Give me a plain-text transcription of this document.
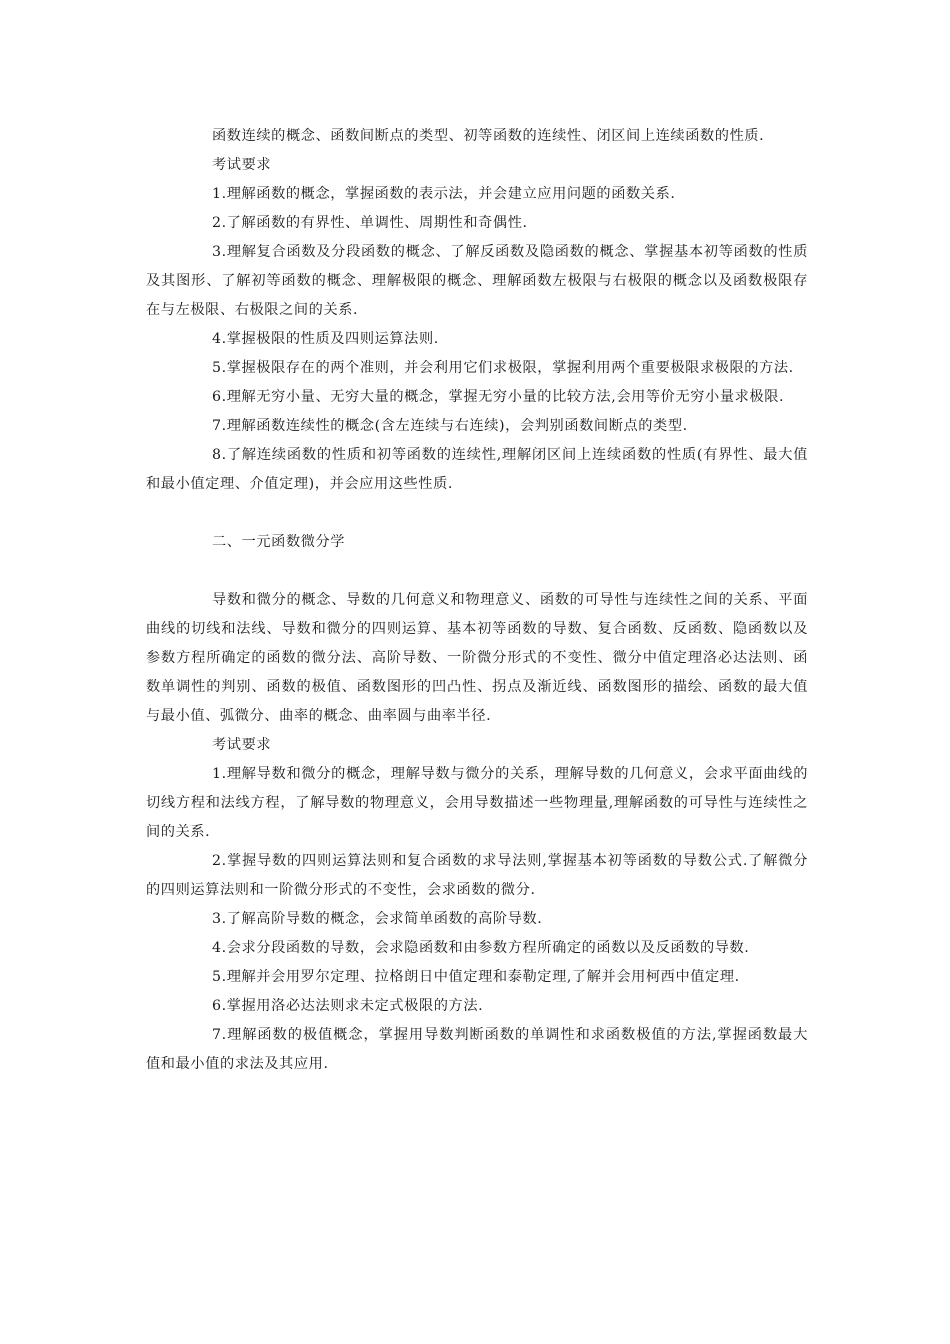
函数连续的概念、函数间断点的类型、初等函数的连续性、闭区间上连续函数的性质.

考试要求

1.理解函数的概念，掌握函数的表示法，并会建立应用问题的函数关系.

2.了解函数的有界性、单调性、周期性和奇偶性.

3.理解复合函数及分段函数的概念、了解反函数及隐函数的概念、掌握基本初等函数的性质及其图形、了解初等函数的概念、理解极限的概念、理解函数左极限与右极限的概念以及函数极限存在与左极限、右极限之间的关系.

4.掌握极限的性质及四则运算法则.

5.掌握极限存在的两个准则，并会利用它们求极限，掌握利用两个重要极限求极限的方法.

6.理解无穷小量、无穷大量的概念，掌握无穷小量的比较方法,会用等价无穷小量求极限.

7.理解函数连续性的概念(含左连续与右连续)，会判别函数间断点的类型.

8.了解连续函数的性质和初等函数的连续性,理解闭区间上连续函数的性质(有界性、最大值和最小值定理、介值定理)，并会应用这些性质.

二、一元函数微分学

导数和微分的概念、导数的几何意义和物理意义、函数的可导性与连续性之间的关系、平面曲线的切线和法线、导数和微分的四则运算、基本初等函数的导数、复合函数、反函数、隐函数以及参数方程所确定的函数的微分法、高阶导数、一阶微分形式的不变性、微分中值定理洛必达法则、函数单调性的判别、函数的极值、函数图形的凹凸性、拐点及渐近线、函数图形的描绘、函数的最大值与最小值、弧微分、曲率的概念、曲率圆与曲率半径.

考试要求

1.理解导数和微分的概念，理解导数与微分的关系，理解导数的几何意义，会求平面曲线的切线方程和法线方程，了解导数的物理意义，会用导数描述一些物理量,理解函数的可导性与连续性之间的关系.

2.掌握导数的四则运算法则和复合函数的求导法则,掌握基本初等函数的导数公式.了解微分的四则运算法则和一阶微分形式的不变性，会求函数的微分.

3.了解高阶导数的概念，会求简单函数的高阶导数.

4.会求分段函数的导数，会求隐函数和由参数方程所确定的函数以及反函数的导数.

5.理解并会用罗尔定理、拉格朗日中值定理和泰勒定理,了解并会用柯西中值定理.

6.掌握用洛必达法则求未定式极限的方法.

7.理解函数的极值概念，掌握用导数判断函数的单调性和求函数极值的方法,掌握函数最大值和最小值的求法及其应用.
